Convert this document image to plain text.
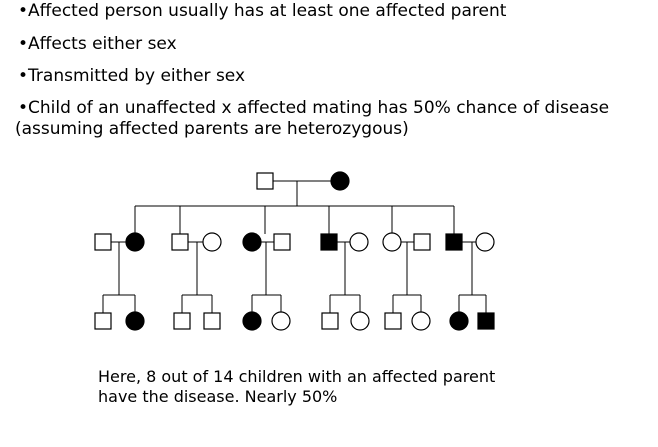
•Affected person usually has at least one affected parent

•Affects either sex

•Transmitted by either sex

•Child of an unaffected x affected mating has 50% chance of disease
(assuming affected parents are heterozygous)

Here, 8 out of 14 children with an affected parent
have the disease. Nearly 50%
